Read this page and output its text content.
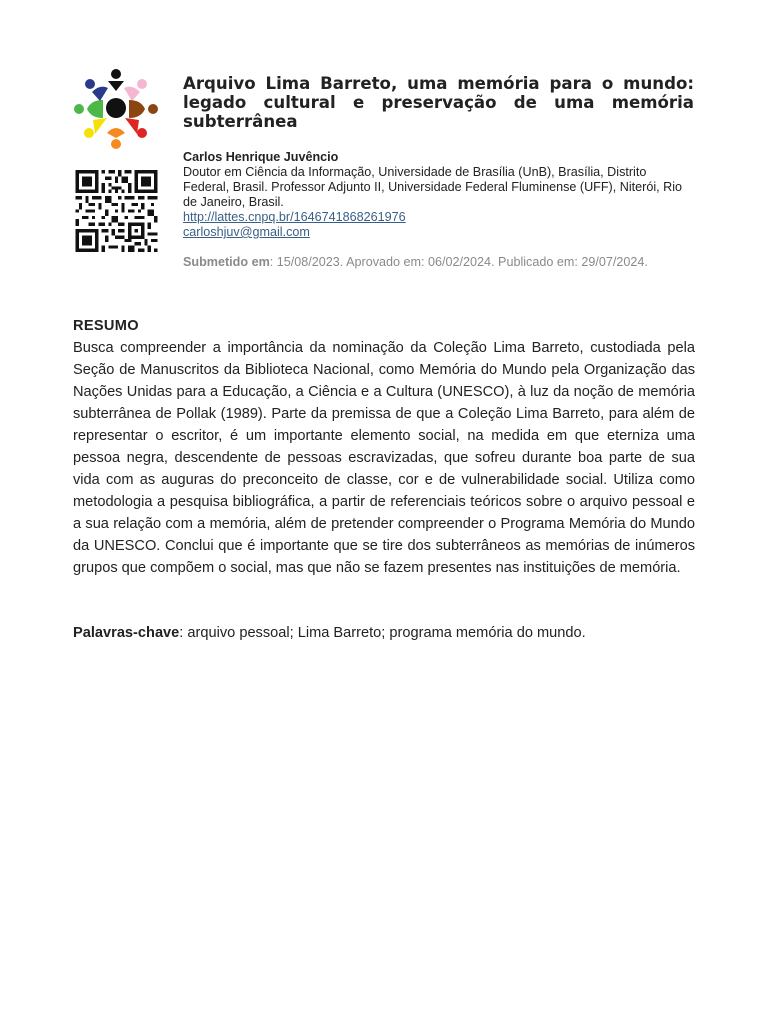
Arquivo Lima Barreto, uma memória para o mundo: legado cultural e preservação de uma memória subterrânea
Carlos Henrique Juvêncio

Doutor em Ciência da Informação, Universidade de Brasília (UnB), Brasília, Distrito Federal, Brasil. Professor Adjunto II, Universidade Federal Fluminense (UFF), Niterói, Rio de Janeiro, Brasil.

http://lattes.cnpq.br/1646741868261976
carloshjuv@gmail.com
Submetido em: 15/08/2023. Aprovado em: 06/02/2024. Publicado em: 29/07/2024.
RESUMO

Busca compreender a importância da nominação da Coleção Lima Barreto, custodiada pela Seção de Manuscritos da Biblioteca Nacional, como Memória do Mundo pela Organização das Nações Unidas para a Educação, a Ciência e a Cultura (UNESCO), à luz da noção de memória subterrânea de Pollak (1989). Parte da premissa de que a Coleção Lima Barreto, para além de representar o escritor, é um importante elemento social, na medida em que eterniza uma pessoa negra, descendente de pessoas escravizadas, que sofreu durante boa parte de sua vida com as auguras do preconceito de classe, cor e de vulnerabilidade social. Utiliza como metodologia a pesquisa bibliográfica, a partir de referenciais teóricos sobre o arquivo pessoal e a sua relação com a memória, além de pretender compreender o Programa Memória do Mundo da UNESCO. Conclui que é importante que se tire dos subterrâneos as memórias de inúmeros grupos que compõem o social, mas que não se fazem presentes nas instituições de memória.

Palavras-chave: arquivo pessoal; Lima Barreto; programa memória do mundo.
